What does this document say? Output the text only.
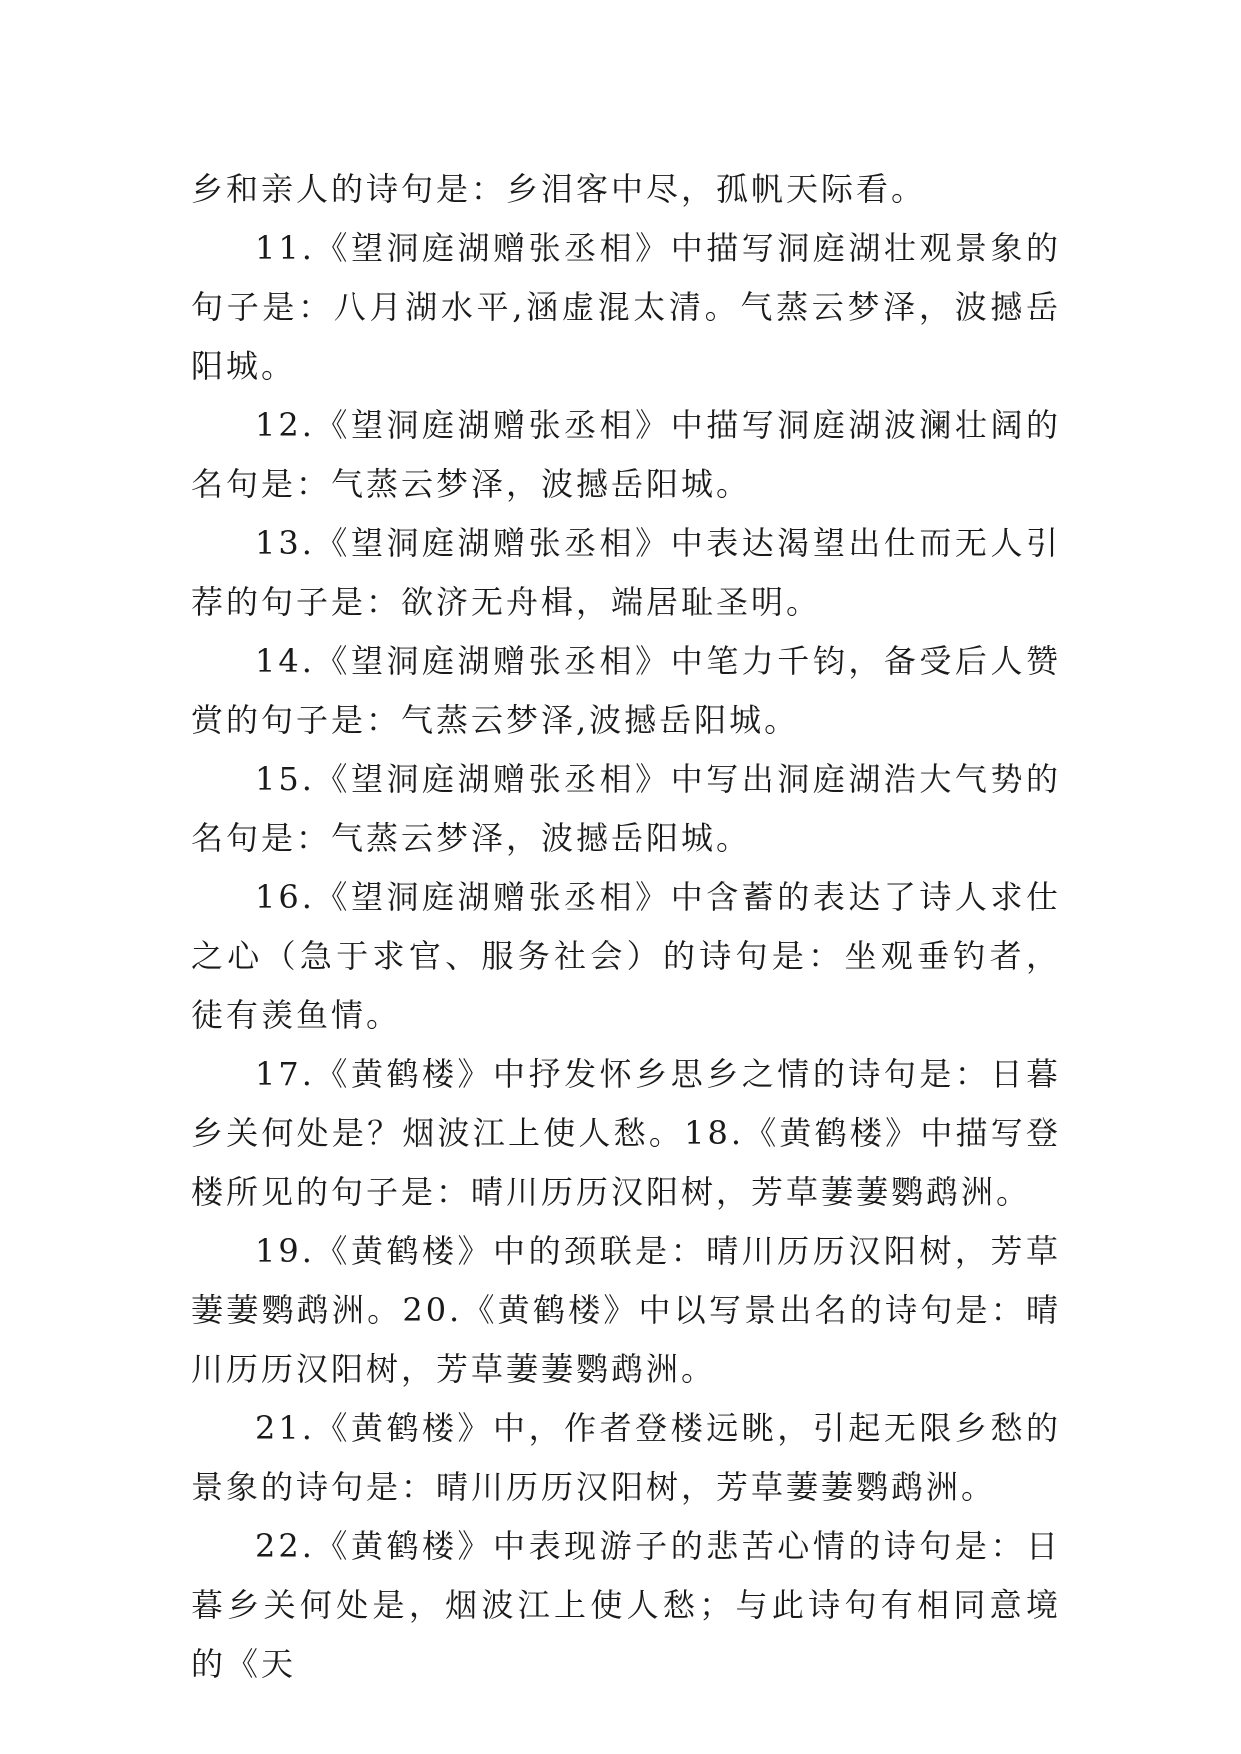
乡和亲人的诗句是：乡泪客中尽，孤帆天际看。

11.《望洞庭湖赠张丞相》中描写洞庭湖壮观景象的句子是：八月湖水平,涵虚混太清。气蒸云梦泽，波撼岳阳城。

12.《望洞庭湖赠张丞相》中描写洞庭湖波澜壮阔的名句是：气蒸云梦泽，波撼岳阳城。

13.《望洞庭湖赠张丞相》中表达渴望出仕而无人引荐的句子是：欲济无舟楫，端居耻圣明。

14.《望洞庭湖赠张丞相》中笔力千钧，备受后人赞赏的句子是：气蒸云梦泽,波撼岳阳城。

15.《望洞庭湖赠张丞相》中写出洞庭湖浩大气势的名句是：气蒸云梦泽，波撼岳阳城。

16.《望洞庭湖赠张丞相》中含蓄的表达了诗人求仕之心（急于求官、服务社会）的诗句是：坐观垂钓者，徒有羡鱼情。

17.《黄鹤楼》中抒发怀乡思乡之情的诗句是：日暮乡关何处是？烟波江上使人愁。18.《黄鹤楼》中描写登楼所见的句子是：晴川历历汉阳树，芳草萋萋鹦鹉洲。

19.《黄鹤楼》中的颈联是：晴川历历汉阳树，芳草萋萋鹦鹉洲。20.《黄鹤楼》中以写景出名的诗句是：晴川历历汉阳树，芳草萋萋鹦鹉洲。

21.《黄鹤楼》中，作者登楼远眺，引起无限乡愁的景象的诗句是：晴川历历汉阳树，芳草萋萋鹦鹉洲。

22.《黄鹤楼》中表现游子的悲苦心情的诗句是：日暮乡关何处是，烟波江上使人愁；与此诗句有相同意境的《天
